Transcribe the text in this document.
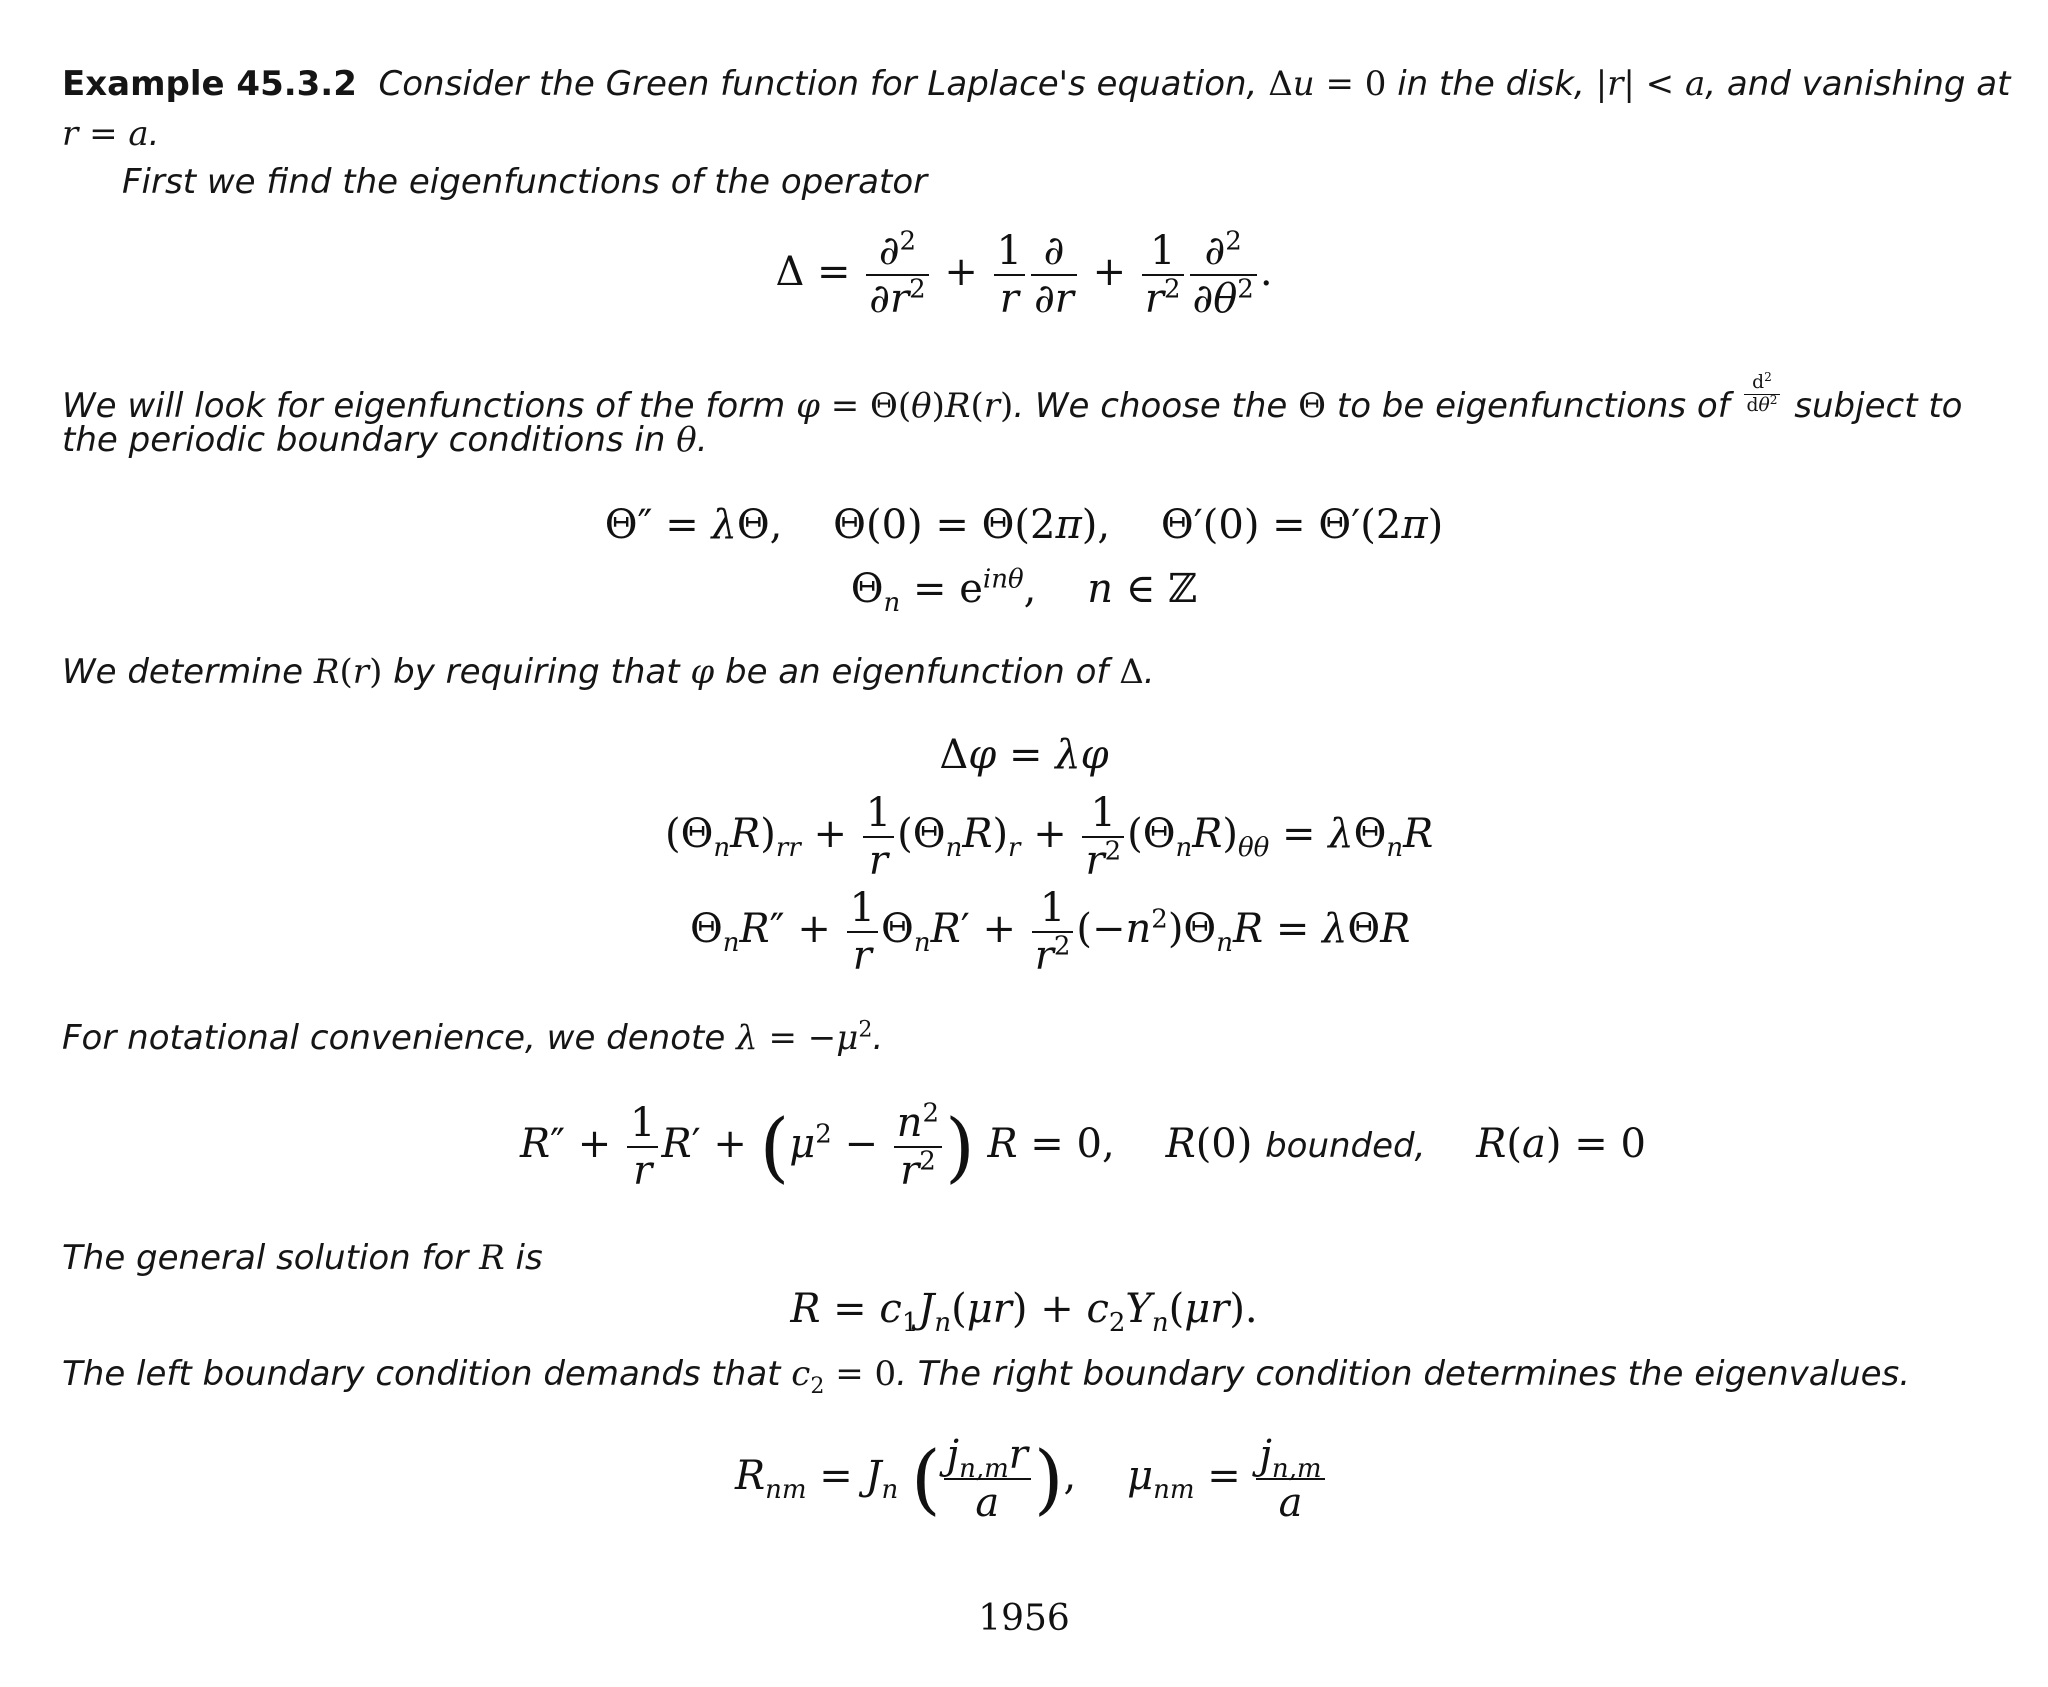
Example 45.3.2 Consider the Green function for Laplace's equation, Δu = 0 in the disk, |r| < a, and vanishing at
r = a.
First we find the eigenfunctions of the operator
$\Delta = \frac{\partial^2}{\partial r^2} + \frac{1}{r} \frac{\partial}{\partial r} + \frac{1}{r^2} \frac{\partial^2}{\partial\theta^2}$ .
We will look for eigenfunctions of the form φ = Θ(θ)R(r). We choose the Θ to be eigenfunctions of $\frac{d^2}{d\theta^2}$ subject to
the periodic boundary conditions in θ.
Θ″ = λΘ,    Θ(0) = Θ(2π),    Θ′(0) = Θ′(2π)
$\Theta_n = e^{in\theta}$,    n ∈ ℤ
We determine R(r) by requiring that φ be an eigenfunction of Δ.
Δφ = λφ
$(\Theta_nR)_{rr} + \frac{1}{r} (\Theta_nR)_r + \frac{1}{r^2} (\Theta_nR)_{\theta\theta} = \lambda\Theta_nR$
$\Theta_nR'' + \frac{1}{r} \Theta_nR' + \frac{1}{r^2} (-n^2)\Theta_nR = \lambda\Theta R$
For notational convenience, we denote $\lambda = -\mu^2$.
$R'' + \frac{1}{r} R' + (\mu^2 - \frac{n^2}{r^2}$ ) R = 0,    R(0) bounded, R(a) = 0
The general solution for R is
$R = c_1J_n(\mu r) + c_2Y_n(\mu r)$.
The left boundary condition demands that $c_2 = 0$. The right boundary condition determines the eigenvalues.
$R_{nm} = J_n$ ( $\frac{j_{n,m}r}{a}$ ),    $\mu_{nm} = \frac{j_{n,m}}{a}$
1956
